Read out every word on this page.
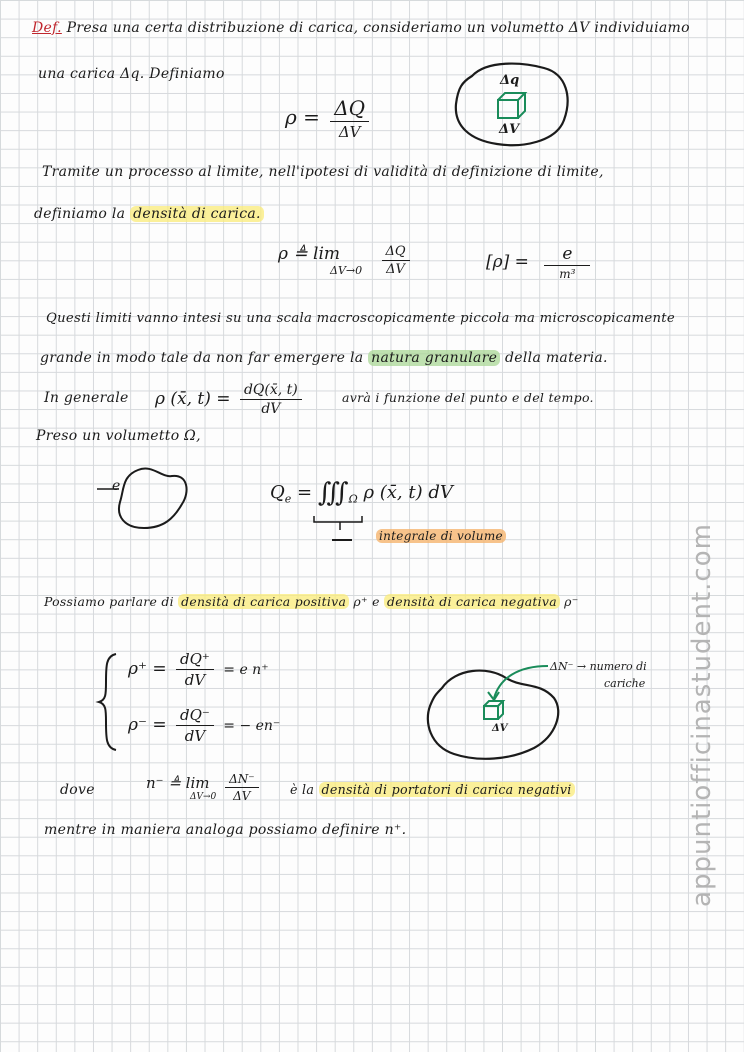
Def. Presa una certa distribuzione di carica, consideriamo un volumetto ΔV individuiamo
una carica Δq. Definiamo
$\rho = \frac{\Delta Q}{\Delta V}$
Δq
ΔV
Tramite un processo al limite, nell'ipotesi di validità di definizione di limite,
definiamo la densità di carica.
ρ ≜ lim
ΔV→0
$\frac{\Delta Q}{\Delta V}$	$[\rho] = \frac{e}{\text{m³}}$
Questi limiti vanno intesi su una scala macroscopicamente piccola ma microscopicamente
grande in modo tale da non far emergere la natura granulare della materia.
In generale ρ (x̄, $t) = \frac{dQ(x̄, t)}{dV}$	avrà i funzione del punto e del tempo.
Preso un volumetto Ω,
e	$Q_e$ = $∭_\Omega$ ρ (x̄, t) dV
integrale di volume
Possiamo parlare di densità di carica positiva ρ⁺ e densità di carica negativa ρ⁻
$\rho^+ = \frac{dQ^+}{dV} = e$ n⁺
$\rho^- = \frac{dQ^-}{dV}$ = − en⁻	ΔV
ΔN⁻ → numero di
cariche
dove	n⁻ ≜ lim
ΔV→0
$\frac{\Delta N^-}{\Delta V}$ è la densità di portatori di carica negativi
mentre in maniera analoga possiamo definire n⁺.	appuntiofficinastudent.com
